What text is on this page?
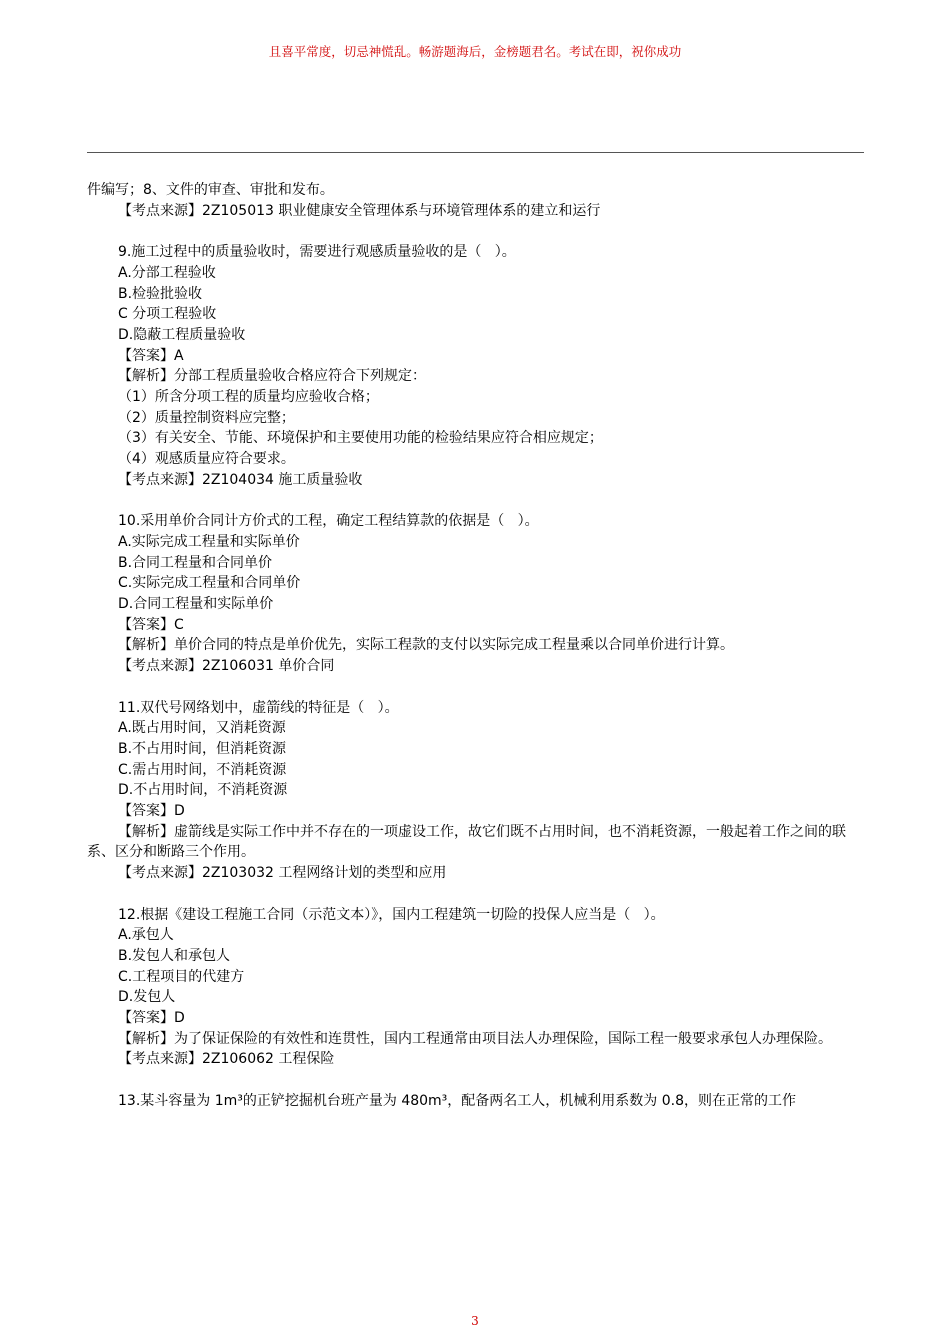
且喜平常度，切忌神慌乱。畅游题海后，金榜题君名。考试在即，祝你成功
件编写；8、文件的审查、审批和发布。
【考点来源】2Z105013 职业健康安全管理体系与环境管理体系的建立和运行
9.施工过程中的质量验收时，需要进行观感质量验收的是（   ）。
A.分部工程验收
B.检验批验收
C 分项工程验收
D.隐蔽工程质量验收
【答案】A
【解析】分部工程质量验收合格应符合下列规定：
（1）所含分项工程的质量均应验收合格；
（2）质量控制资料应完整；
（3）有关安全、节能、环境保护和主要使用功能的检验结果应符合相应规定；
（4）观感质量应符合要求。
【考点来源】2Z104034 施工质量验收
10.采用单价合同计方价式的工程，确定工程结算款的依据是（   ）。
A.实际完成工程量和实际单价
B.合同工程量和合同单价
C.实际完成工程量和合同单价
D.合同工程量和实际单价
【答案】C
【解析】单价合同的特点是单价优先，实际工程款的支付以实际完成工程量乘以合同单价进行计算。
【考点来源】2Z106031 单价合同
11.双代号网络划中，虚箭线的特征是（   ）。
A.既占用时间，又消耗资源
B.不占用时间，但消耗资源
C.需占用时间，不消耗资源
D.不占用时间，不消耗资源
【答案】D
【解析】虚箭线是实际工作中并不存在的一项虚设工作，故它们既不占用时间，也不消耗资源，一般起着工作之间的联系、区分和断路三个作用。
【考点来源】2Z103032 工程网络计划的类型和应用
12.根据《建设工程施工合同（示范文本）》，国内工程建筑一切险的投保人应当是（   ）。
A.承包人
B.发包人和承包人
C.工程项目的代建方
D.发包人
【答案】D
【解析】为了保证保险的有效性和连贯性，国内工程通常由项目法人办理保险，国际工程一般要求承包人办理保险。
【考点来源】2Z106062 工程保险
13.某斗容量为 1m³的正铲挖掘机台班产量为 480m³，配备两名工人，机械利用系数为 0.8，则在正常的工作
3
